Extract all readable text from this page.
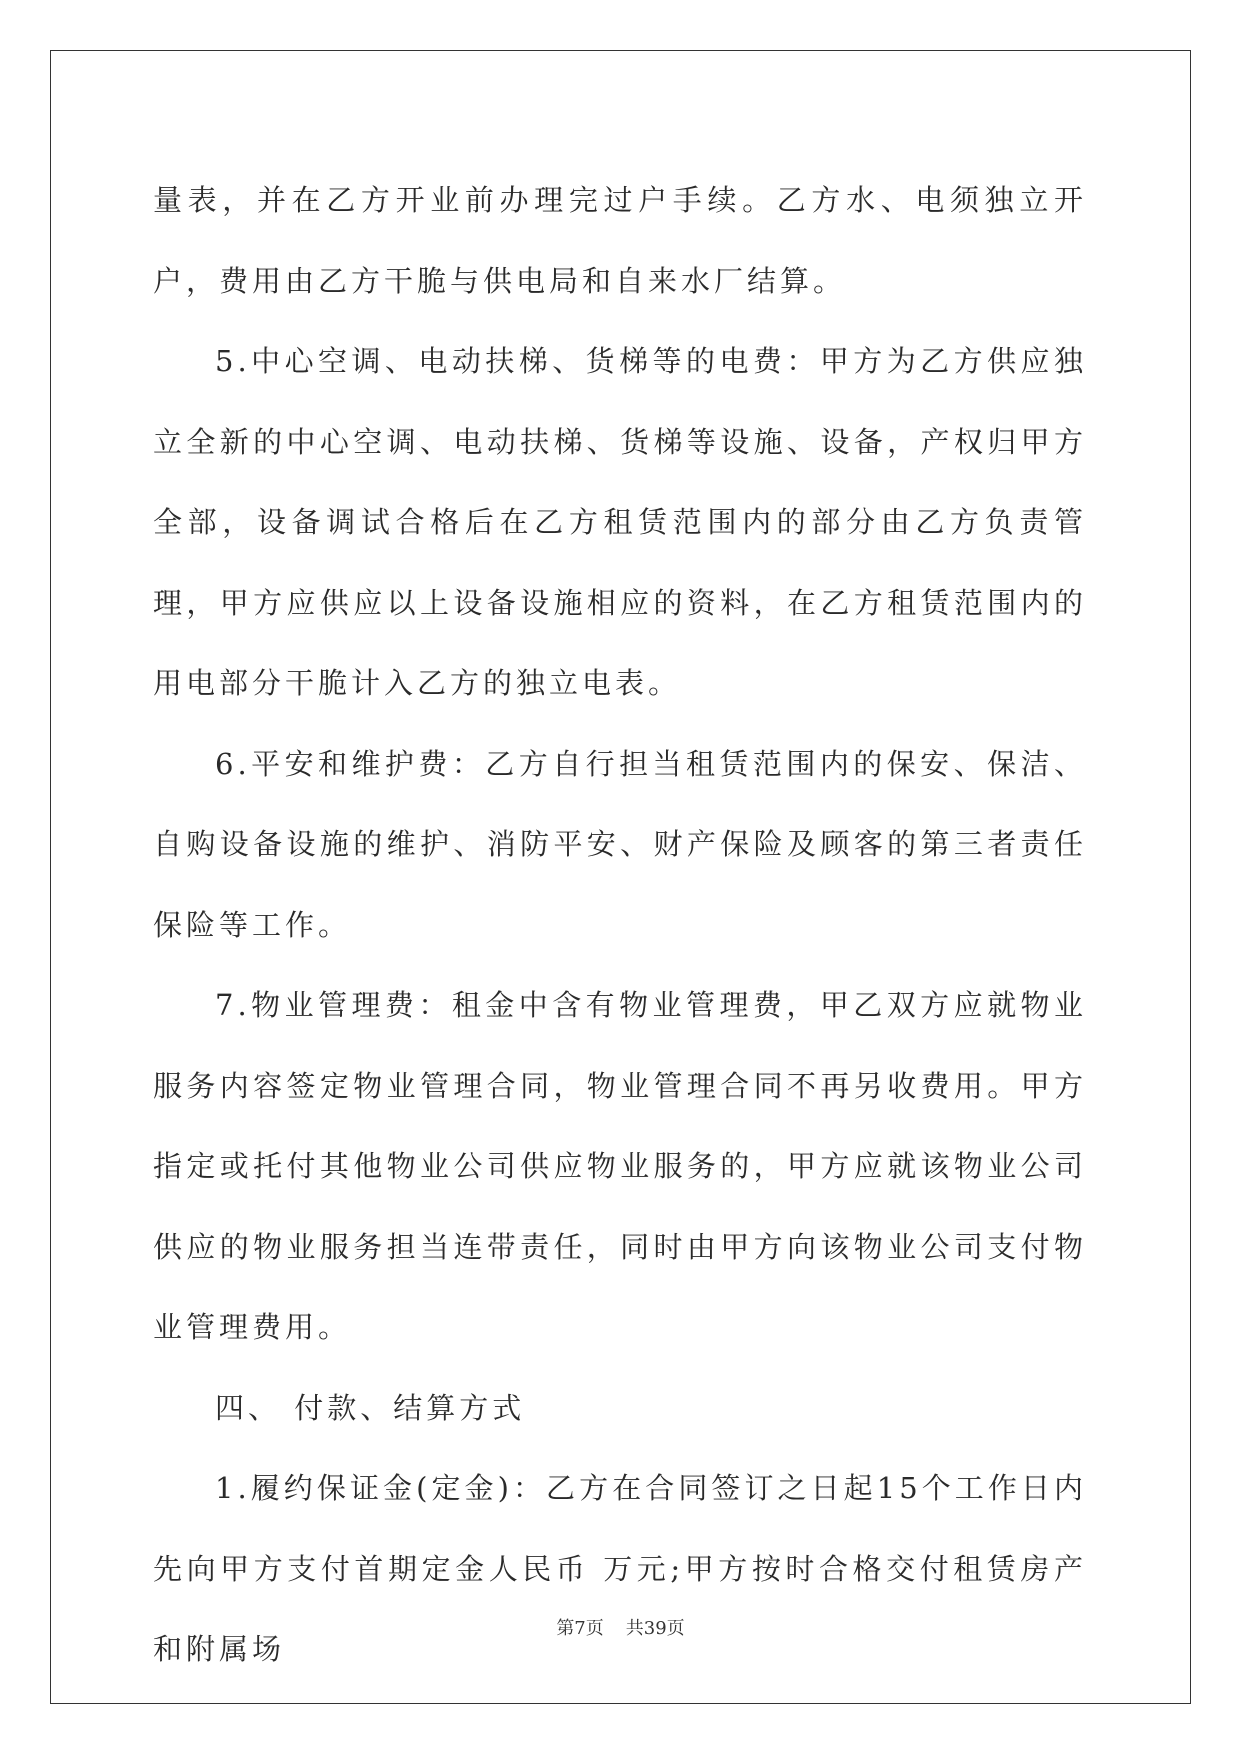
量表，并在乙方开业前办理完过户手续。乙方水、电须独立开户，费用由乙方干脆与供电局和自来水厂结算。

5.中心空调、电动扶梯、货梯等的电费：甲方为乙方供应独立全新的中心空调、电动扶梯、货梯等设施、设备，产权归甲方全部，设备调试合格后在乙方租赁范围内的部分由乙方负责管理，甲方应供应以上设备设施相应的资料，在乙方租赁范围内的用电部分干脆计入乙方的独立电表。

6.平安和维护费：乙方自行担当租赁范围内的保安、保洁、自购设备设施的维护、消防平安、财产保险及顾客的第三者责任保险等工作。

7.物业管理费：租金中含有物业管理费，甲乙双方应就物业服务内容签定物业管理合同，物业管理合同不再另收费用。甲方指定或托付其他物业公司供应物业服务的，甲方应就该物业公司供应的物业服务担当连带责任，同时由甲方向该物业公司支付物业管理费用。

四、 付款、结算方式

1.履约保证金(定金)：乙方在合同签订之日起15个工作日内先向甲方支付首期定金人民币 万元;甲方按时合格交付租赁房产和附属场

第7页 共39页
